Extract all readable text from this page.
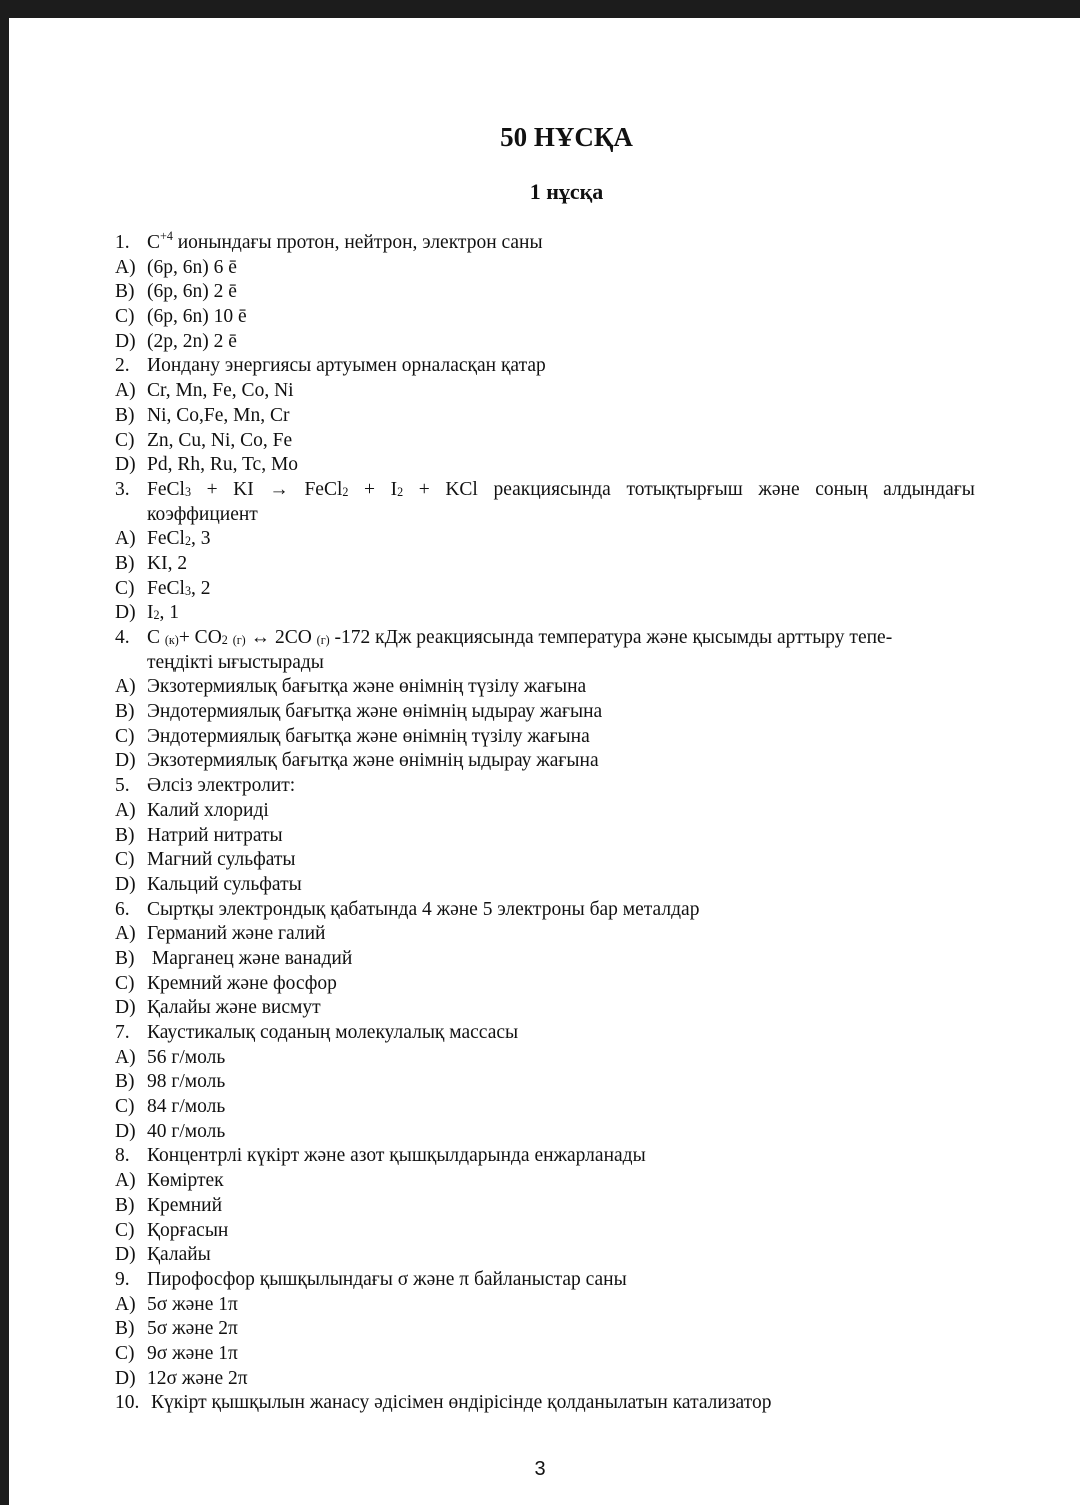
50 НҰСҚА
1 нұсқа
1. $C^{+4}$ ионындағы протон, нейтрон, электрон саны
A) (6p, 6n) 6 ē
B) (6p, 6n) 2 ē
C) (6p, 6n) 10 ē
D) (2p, 2n) 2 ē
2. Иондану энергиясы артуымен орналасқан қатар
A) Cr, Mn, Fe, Co, Ni
B) Ni, Co,Fe, Mn, Cr
C) Zn, Cu, Ni, Co, Fe
D) Pd, Rh, Ru, Tc, Mo
3. FeCl$_3$ + KI → FeCl$_2$ + $I_2$ + KCl реакциясында тотықтырғыш және соның алдындағы
коэффициент
A) FeCl$_2$, 3
B) KI, 2
C) FeCl$_3$, 2
D) $I_2$, 1
4. C $_{(к)}+ CO_2$ $_{(г)}$ ↔ 2CO $_{(г)}$ -172 кДж реакциясында температура және қысымды арттыру тепе-
теңдікті ығыстырады
A) Экзотермиялық бағытқа және өнімнің түзілу жағына
B) Эндотермиялық бағытқа және өнімнің ыдырау жағына
C) Эндотермиялық бағытқа және өнімнің түзілу жағына
D) Экзотермиялық бағытқа және өнімнің ыдырау жағына
5. Әлсіз электролит:
A) Калий хлориді
B) Натрий нитраты
C) Магний сульфаты
D) Кальций сульфаты
6. Сыртқы электрондық қабатында 4 және 5 электроны бар металдар
A) Германий және галий
B) Марганец және ванадий
C) Кремний және фосфор
D) Қалайы және висмут
7. Каустикалық соданың молекулалық массасы
A) 56 г/моль
B) 98 г/моль
C) 84 г/моль
D) 40 г/моль
8. Концентрлі күкірт және азот қышқылдарында енжарланады
A) Көміртек
B) Кремний
C) Қорғасын
D) Қалайы
9. Пирофосфор қышқылындағы σ және π байланыстар саны
A) 5σ және 1π
B) 5σ және 2π
C) 9σ және 1π
D) 12σ және 2π
10. Күкірт қышқылын жанасу әдісімен өндірісінде қолданылатын катализатор
3
